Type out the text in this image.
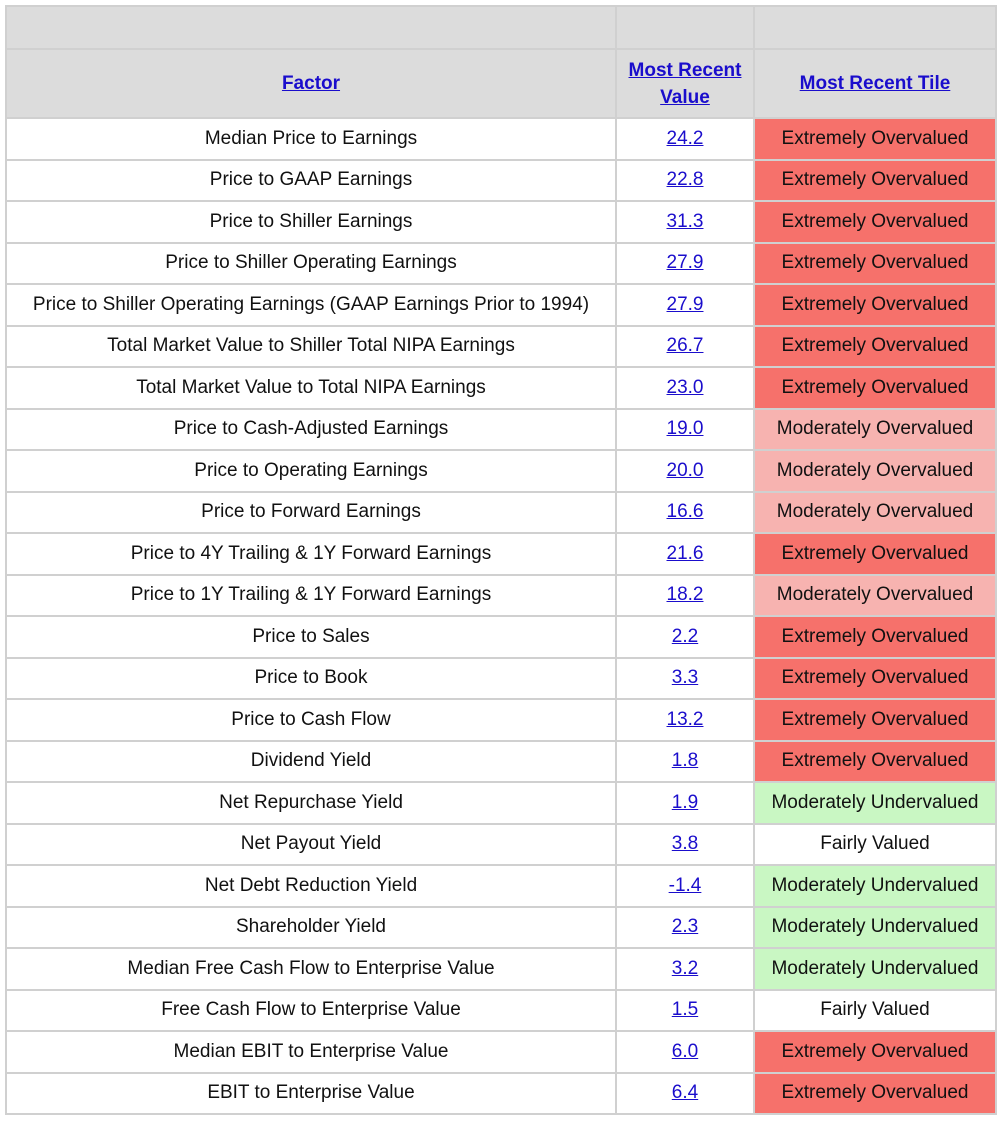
Factor	Most Recent Value	Most Recent Tile
Median Price to Earnings	24.2	Extremely Overvalued
Price to GAAP Earnings	22.8	Extremely Overvalued
Price to Shiller Earnings	31.3	Extremely Overvalued
Price to Shiller Operating Earnings	27.9	Extremely Overvalued
Price to Shiller Operating Earnings (GAAP Earnings Prior to 1994)	27.9	Extremely Overvalued
Total Market Value to Shiller Total NIPA Earnings	26.7	Extremely Overvalued
Total Market Value to Total NIPA Earnings	23.0	Extremely Overvalued
Price to Cash-Adjusted Earnings	19.0	Moderately Overvalued
Price to Operating Earnings	20.0	Moderately Overvalued
Price to Forward Earnings	16.6	Moderately Overvalued
Price to 4Y Trailing & 1Y Forward Earnings	21.6	Extremely Overvalued
Price to 1Y Trailing & 1Y Forward Earnings	18.2	Moderately Overvalued
Price to Sales	2.2	Extremely Overvalued
Price to Book	3.3	Extremely Overvalued
Price to Cash Flow	13.2	Extremely Overvalued
Dividend Yield	1.8	Extremely Overvalued
Net Repurchase Yield	1.9	Moderately Undervalued
Net Payout Yield	3.8	Fairly Valued
Net Debt Reduction Yield	-1.4	Moderately Undervalued
Shareholder Yield	2.3	Moderately Undervalued
Median Free Cash Flow to Enterprise Value	3.2	Moderately Undervalued
Free Cash Flow to Enterprise Value	1.5	Fairly Valued
Median EBIT to Enterprise Value	6.0	Extremely Overvalued
EBIT to Enterprise Value	6.4	Extremely Overvalued
